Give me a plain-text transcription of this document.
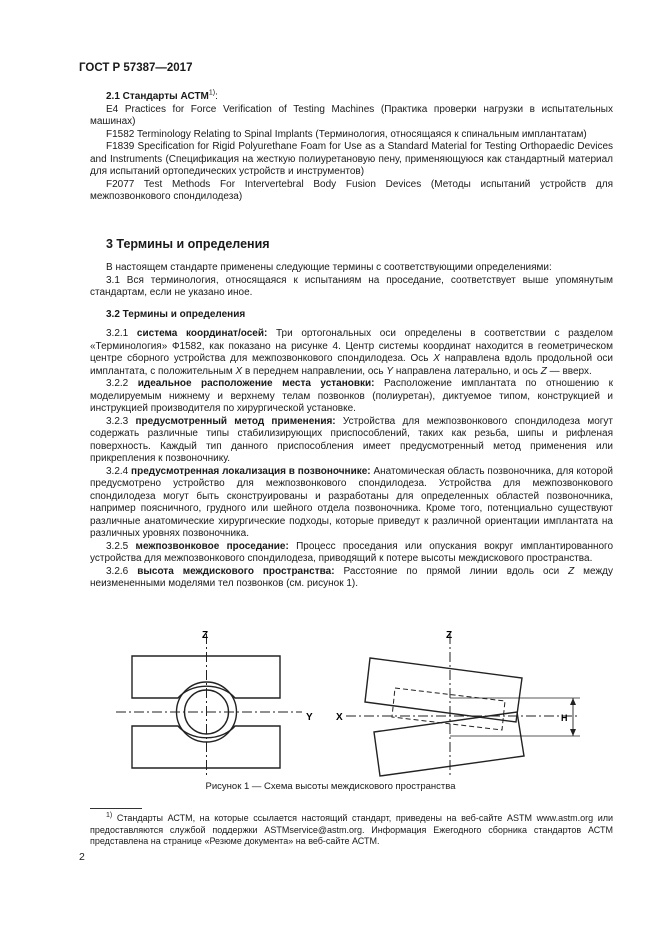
ГОСТ Р 57387—2017

2.1 Стандарты АСТМ$^{1)}$:

E4 Practices for Force Verification of Testing Machines (Практика проверки нагрузки в испытательных машинах)

F1582 Terminology Relating to Spinal Implants (Терминология, относящаяся к спинальным имплантатам)

F1839 Specification for Rigid Polyurethane Foam for Use as a Standard Material for Testing Orthopaedic Devices and Instruments (Спецификация на жесткую полиуретановую пену, применяющуюся как стандартный материал для испытаний ортопедических устройств и инструментов)

F2077 Test Methods For Intervertebral Body Fusion Devices (Методы испытаний устройств для межпозвонкового спондилодеза)

3 Термины и определения

В настоящем стандарте применены следующие термины с соответствующими определениями:

3.1 Вся терминология, относящаяся к испытаниям на проседание, соответствует выше упомянутым стандартам, если не указано иное.

3.2 Термины и определения

3.2.1 система координат/осей: Три ортогональных оси определены в соответствии с разделом «Терминология» Ф1582, как показано на рисунке 4. Центр системы координат находится в геометрическом центре сборного устройства для межпозвонкового спондилодеза. Ось X направлена вдоль продольной оси имплантата, с положительным X в переднем направлении, ось Y направлена латерально, и ось Z — вверх.

3.2.2 идеальное расположение места установки: Расположение имплантата по отношению к моделируемым нижнему и верхнему телам позвонков (полиуретан), диктуемое типом, конструкцией и инструкцией производителя по хирургической установке.

3.2.3 предусмотренный метод применения: Устройства для межпозвонкового спондилодеза могут содержать различные типы стабилизирующих приспособлений, таких как резьба, шипы и рифленая поверхность. Каждый тип данного приспособления имеет предусмотренный метод применения или прикрепления к позвоночнику.

3.2.4 предусмотренная локализация в позвоночнике: Анатомическая область позвоночника, для которой предусмотрено устройство для межпозвонкового спондилодеза. Устройства для межпозвонкового спондилодеза могут быть сконструированы и разработаны для определенных областей позвоночника, например поясничного, грудного или шейного отдела позвоночника. Кроме того, потенциально существуют различные анатомические хирургические подходы, которые приведут к различной ориентации имплантата на различных уровнях позвоночника.

3.2.5 межпозвонковое проседание: Процесс проседания или опускания вокруг имплантированного устройства для межпозвонкового спондилодеза, приводящий к потере высоты междискового пространства.

3.2.6 высота междискового пространства: Расстояние по прямой линии вдоль оси Z между неизмененными моделями тел позвонков (см. рисунок 1).

Z
Y
Z
X	H
Рисунок 1 — Схема высоты междискового пространства
$^{1)}$ Стандарты АСТМ, на которые ссылается настоящий стандарт, приведены на веб-сайте ASTM www.astm.org или предоставляются службой поддержки ASTMservice@astm.org. Информация Ежегодного сборника стандартов АСТМ представлена на странице «Резюме документа» на веб-сайте АСТМ.
2
